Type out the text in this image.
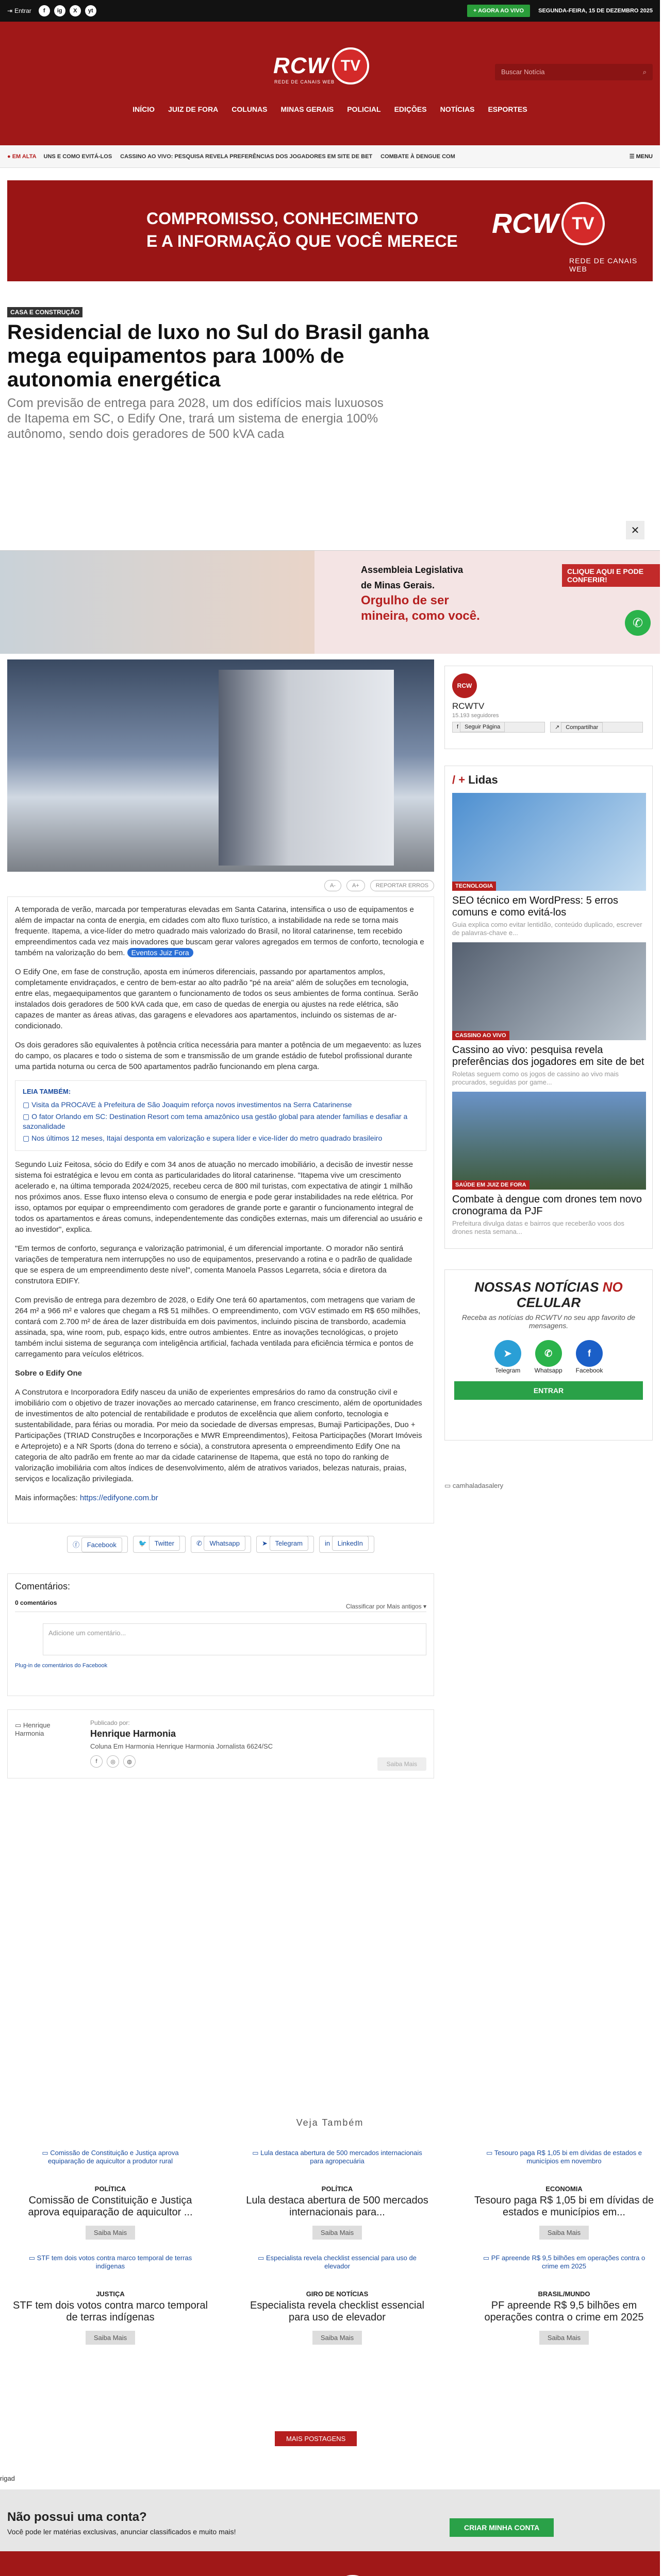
⇥ Entrar	f	ig	X	yt	+ AGORA AO VIVO	SEGUNDA-FEIRA, 15 DE DEZEMBRO 2025
RCW TV
REDE DE CANAIS WEB
Buscar Notícia	⌕
INÍCIO JUIZ DE FORA COLUNAS MINAS GERAIS POLICIAL EDIÇÕES NOTÍCIAS ESPORTES
● EM ALTA UNS E COMO EVITÁ-LOS CASSINO AO VIVO: PESQUISA REVELA PREFERÊNCIAS DOS JOGADORES EM SITE DE BET COMBATE À DENGUE COM	☰ MENU
COMPROMISSO, CONHECIMENTO
E A INFORMAÇÃO QUE VOCÊ MERECE
RCW TV
REDE DE CANAIS WEB
CASA E CONSTRUÇÃO
Residencial de luxo no Sul do Brasil ganha mega equipamentos para 100% de autonomia energética
Com previsão de entrega para 2028, um dos edifícios mais luxuosos de Itapema em SC, o Edify One, trará um sistema de energia 100% autônomo, sendo dois geradores de 500 kVA cada
✕
Assembleia Legislativa
de Minas Gerais.
Orgulho de ser
mineira, como você.
CLIQUE AQUI E PODE CONFERIR!
✆
A-	A+	REPORTAR ERROS

A temporada de verão, marcada por temperaturas elevadas em Santa Catarina, intensifica o uso de equipamentos e além de impactar na conta de energia, em cidades com alto fluxo turístico, a instabilidade na rede se torna mais frequente. Itapema, a vice-líder do metro quadrado mais valorizado do Brasil, no litoral catarinense, tem recebido empreendimentos cada vez mais inovadores que buscam gerar valores agregados em termos de conforto, tecnologia e também na valorização do bem. Eventos Juiz Fora

O Edify One, em fase de construção, aposta em inúmeros diferenciais, passando por apartamentos amplos, completamente envidraçados, e centro de bem-estar ao alto padrão "pé na areia" além de soluções em tecnologia, entre elas, megaequipamentos que garantem o funcionamento de todos os seus ambientes de forma contínua. Serão instalados dois geradores de 500 kVA cada que, em caso de quedas de energia ou ajustes na rede elétrica, são capazes de manter as áreas ativas, das garagens e elevadores aos apartamentos, incluindo os sistemas de ar-condicionado.

Os dois geradores são equivalentes à potência crítica necessária para manter a potência de um megaevento: as luzes do campo, os placares e todo o sistema de som e transmissão de um grande estádio de futebol profissional durante uma partida noturna ou cerca de 500 apartamentos padrão funcionando em plena carga.

LEIA TAMBÉM:
▢ Visita da PROCAVE à Prefeitura de São Joaquim reforça novos investimentos na Serra Catarinense
▢ O fator Orlando em SC: Destination Resort com tema amazônico usa gestão global para atender famílias e desafiar a sazonalidade
▢ Nos últimos 12 meses, Itajaí desponta em valorização e supera líder e vice-líder do metro quadrado brasileiro

Segundo Luiz Feitosa, sócio do Edify e com 34 anos de atuação no mercado imobiliário, a decisão de investir nesse sistema foi estratégica e levou em conta as particularidades do litoral catarinense. "Itapema vive um crescimento acelerado e, na última temporada 2024/2025, recebeu cerca de 800 mil turistas, com expectativa de atingir 1 milhão nos próximos anos. Esse fluxo intenso eleva o consumo de energia e pode gerar instabilidades na rede elétrica. Por isso, optamos por equipar o empreendimento com geradores de grande porte e garantir o funcionamento integral de todos os apartamentos e áreas comuns, independentemente das condições externas, mais um diferencial ao usuário e ao investidor", explica.

"Em termos de conforto, segurança e valorização patrimonial, é um diferencial importante. O morador não sentirá variações de temperatura nem interrupções no uso de equipamentos, preservando a rotina e o padrão de qualidade que se espera de um empreendimento deste nível", comenta Manoela Passos Legarreta, sócia e diretora da construtora EDIFY.

Com previsão de entrega para dezembro de 2028, o Edify One terá 60 apartamentos, com metragens que variam de 264 m² a 966 m² e valores que chegam a R$ 51 milhões. O empreendimento, com VGV estimado em R$ 650 milhões, contará com 2.700 m² de área de lazer distribuída em dois pavimentos, incluindo piscina de transbordo, academia assinada, spa, wine room, pub, espaço kids, entre outros ambientes. Entre as inovações tecnológicas, o projeto também inclui sistema de segurança com inteligência artificial, fachada ventilada para eficiência térmica e pontos de carregamento para veículos elétricos.

Sobre o Edify One

A Construtora e Incorporadora Edify nasceu da união de experientes empresários do ramo da construção civil e imobiliário com o objetivo de trazer inovações ao mercado catarinense, em franco crescimento, além de oportunidades de investimentos de alto potencial de rentabilidade e produtos de excelência que aliem conforto, tecnologia e sustentabilidade, para férias ou moradia. Por meio da sociedade de diversas empresas, Bumaji Participações, Duo + Participações (TRIAD Construções e Incorporações e MWR Empreendimentos), Feitosa Participações (Morart Imóveis e Arteprojeto) e a NR Sports (dona do terreno e sócia), a construtora apresenta o empreendimento Edify One na categoria de alto padrão em frente ao mar da cidade catarinense de Itapema, que está no topo do ranking de valorização imobiliária com altos índices de desenvolvimento, além de atrativos variados, belezas naturais, praias, serviços e localização privilegiada.

Mais informações: https://edifyone.com.br

ⓕ Facebook	🐦 Twitter	✆ Whatsapp	➤ Telegram	in LinkedIn
Comentários:
0 comentários	Classificar por Mais antigos ▾
Adicione um comentário...
Plug-in de comentários do Facebook
▭ Henrique Harmonia
Publicado por:
Henrique Harmonia
Coluna Em Harmonia Henrique Harmonia Jornalista 6624/SC
f	◎	◍	Saiba Mais
RCW
RCWTV
15.193 seguidores
f Seguir Página	↗ Compartilhar
/ + Lidas
TECNOLOGIA
SEO técnico em WordPress: 5 erros comuns e como evitá-los
Guia explica como evitar lentidão, conteúdo duplicado, escrever de palavras-chave e...
CASSINO AO VIVO
Cassino ao vivo: pesquisa revela preferências dos jogadores em site de bet
Roletas seguem como os jogos de cassino ao vivo mais procurados, seguidas por game...
SAÚDE EM JUIZ DE FORA
Combate à dengue com drones tem novo cronograma da PJF
Prefeitura divulga datas e bairros que receberão voos dos drones nesta semana...
NOSSAS NOTÍCIAS NO
CELULAR

Receba as notícias do RCWTV no seu app favorito de mensagens.

➤
Telegram
✆
Whatsapp
f
Facebook
ENTRAR
▭ camhaladasalery
Veja Também
▭ Comissão de Constituição e Justiça aprova equiparação de aquicultor a produtor rural
POLÍTICA
Comissão de Constituição e Justiça aprova equiparação de aquicultor ...
Saiba Mais
▭ Lula destaca abertura de 500 mercados internacionais para agropecuária
POLÍTICA
Lula destaca abertura de 500 mercados internacionais para...
Saiba Mais
▭ Tesouro paga R$ 1,05 bi em dívidas de estados e municípios em novembro
ECONOMIA
Tesouro paga R$ 1,05 bi em dívidas de estados e municípios em...
Saiba Mais
▭ STF tem dois votos contra marco temporal de terras indígenas
JUSTIÇA
STF tem dois votos contra marco temporal de terras indígenas
Saiba Mais
▭ Especialista revela checklist essencial para uso de elevador
GIRO DE NOTÍCIAS
Especialista revela checklist essencial para uso de elevador
Saiba Mais
▭ PF apreende R$ 9,5 bilhões em operações contra o crime em 2025
BRASIL/MUNDO
PF apreende R$ 9,5 bilhões em operações contra o crime em 2025
Saiba Mais
MAIS POSTAGENS
rigad
Não possui uma conta?

Você pode ler matérias exclusivas, anunciar classificados e muito mais!	CRIAR MINHA CONTA
